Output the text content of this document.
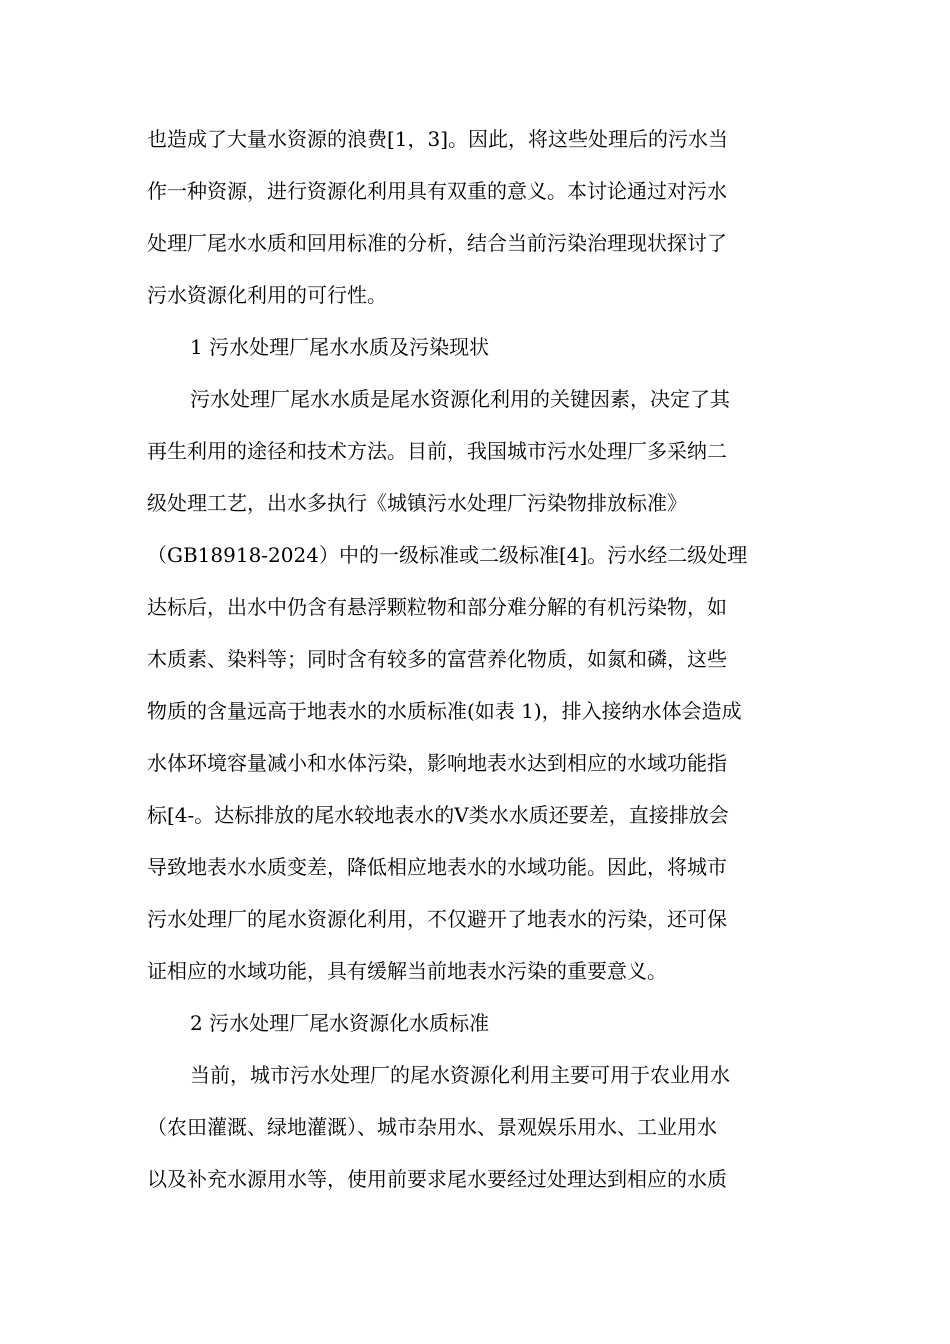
也造成了大量水资源的浪费[1，3]。因此，将这些处理后的污水当
作一种资源，进行资源化利用具有双重的意义。本讨论通过对污水
处理厂尾水水质和回用标准的分析，结合当前污染治理现状探讨了
污水资源化利用的可行性。
1 污水处理厂尾水水质及污染现状
污水处理厂尾水水质是尾水资源化利用的关键因素，决定了其
再生利用的途径和技术方法。目前，我国城市污水处理厂多采纳二
级处理工艺，出水多执行《城镇污水处理厂污染物排放标准》
（GB18918-2024）中的一级标准或二级标准[4]。污水经二级处理
达标后，出水中仍含有悬浮颗粒物和部分难分解的有机污染物，如
木质素、染料等；同时含有较多的富营养化物质，如氮和磷，这些
物质的含量远高于地表水的水质标准(如表 1)，排入接纳水体会造成
水体环境容量减小和水体污染，影响地表水达到相应的水域功能指
标[4-。达标排放的尾水较地表水的Ⅴ类水水质还要差，直接排放会
导致地表水水质变差，降低相应地表水的水域功能。因此，将城市
污水处理厂的尾水资源化利用，不仅避开了地表水的污染，还可保
证相应的水域功能，具有缓解当前地表水污染的重要意义。
2 污水处理厂尾水资源化水质标准
当前，城市污水处理厂的尾水资源化利用主要可用于农业用水
（农田灌溉、绿地灌溉）、城市杂用水、景观娱乐用水、工业用水
以及补充水源用水等，使用前要求尾水要经过处理达到相应的水质
